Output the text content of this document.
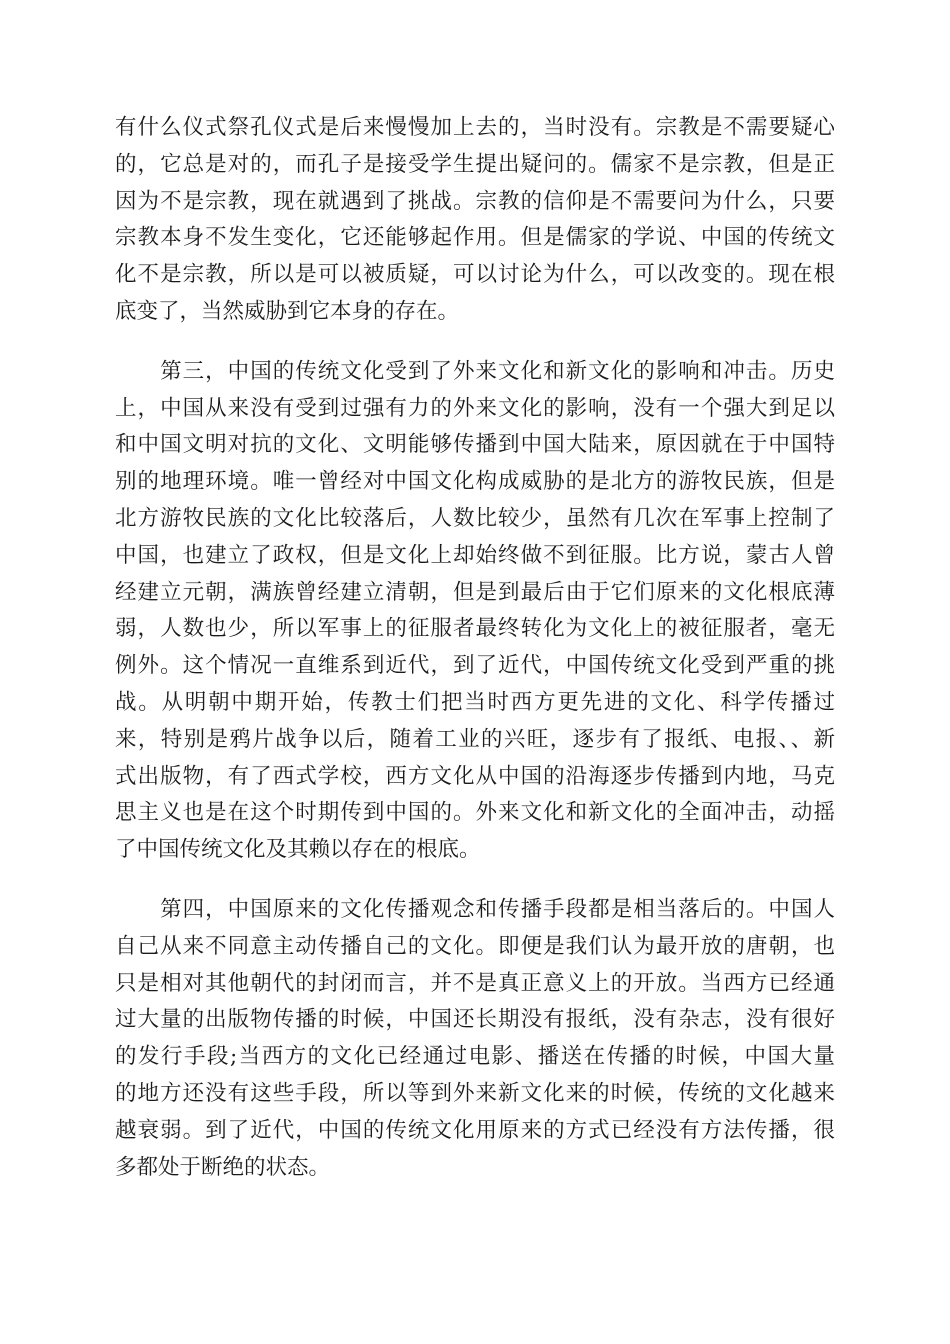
有什么仪式祭孔仪式是后来慢慢加上去的，当时没有。宗教是不需要疑心
的，它总是对的，而孔子是接受学生提出疑问的。儒家不是宗教，但是正
因为不是宗教，现在就遇到了挑战。宗教的信仰是不需要问为什么，只要
宗教本身不发生变化，它还能够起作用。但是儒家的学说、中国的传统文
化不是宗教，所以是可以被质疑，可以讨论为什么，可以改变的。现在根
底变了，当然威胁到它本身的存在。

　　第三，中国的传统文化受到了外来文化和新文化的影响和冲击。历史
上，中国从来没有受到过强有力的外来文化的影响，没有一个强大到足以
和中国文明对抗的文化、文明能够传播到中国大陆来，原因就在于中国特
别的地理环境。唯一曾经对中国文化构成威胁的是北方的游牧民族，但是
北方游牧民族的文化比较落后，人数比较少，虽然有几次在军事上控制了
中国，也建立了政权，但是文化上却始终做不到征服。比方说，蒙古人曾
经建立元朝，满族曾经建立清朝，但是到最后由于它们原来的文化根底薄
弱，人数也少，所以军事上的征服者最终转化为文化上的被征服者，毫无
例外。这个情况一直维系到近代，到了近代，中国传统文化受到严重的挑
战。从明朝中期开始，传教士们把当时西方更先进的文化、科学传播过
来，特别是鸦片战争以后，随着工业的兴旺，逐步有了报纸、电报、、新
式出版物，有了西式学校，西方文化从中国的沿海逐步传播到内地，马克
思主义也是在这个时期传到中国的。外来文化和新文化的全面冲击，动摇
了中国传统文化及其赖以存在的根底。

　　第四，中国原来的文化传播观念和传播手段都是相当落后的。中国人
自己从来不同意主动传播自己的文化。即便是我们认为最开放的唐朝，也
只是相对其他朝代的封闭而言，并不是真正意义上的开放。当西方已经通
过大量的出版物传播的时候，中国还长期没有报纸，没有杂志，没有很好
的发行手段;当西方的文化已经通过电影、播送在传播的时候，中国大量
的地方还没有这些手段，所以等到外来新文化来的时候，传统的文化越来
越衰弱。到了近代，中国的传统文化用原来的方式已经没有方法传播，很
多都处于断绝的状态。
